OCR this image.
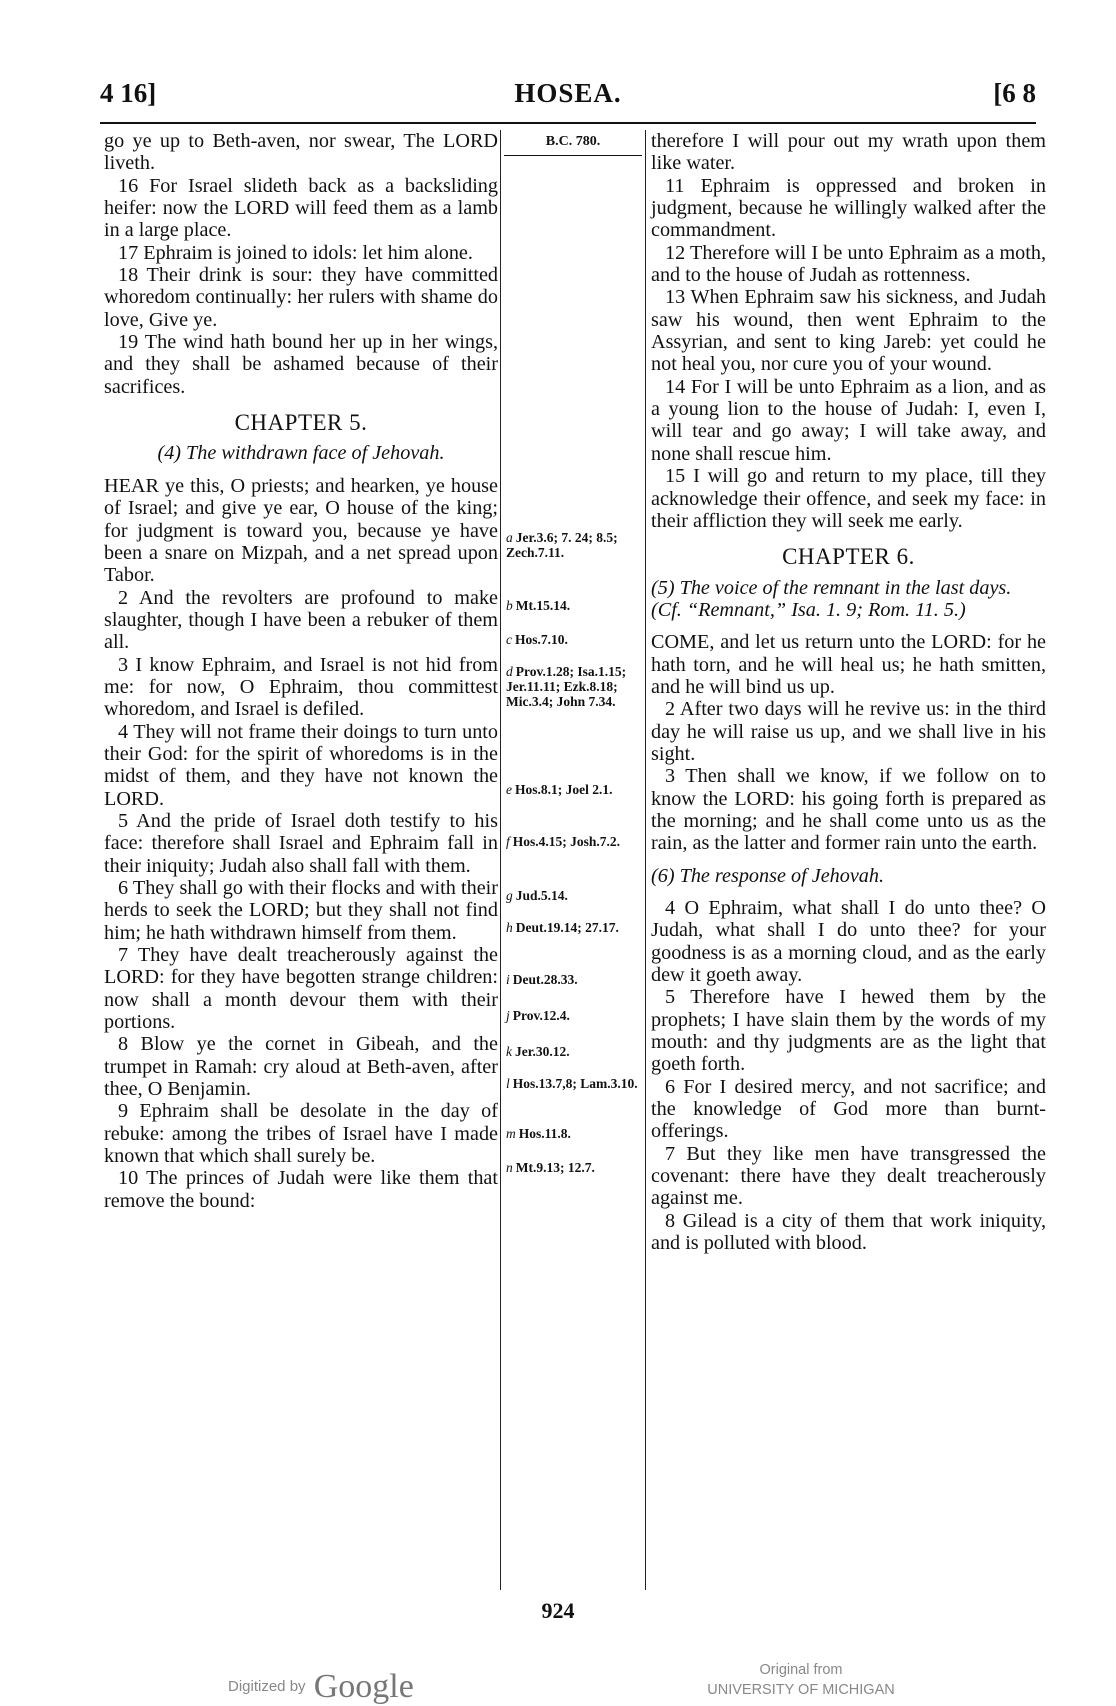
4 16]	HOSEA.	[6 8

go ye up to Beth-aven, nor swear, The LORD liveth.

16 For Israel slideth back as a backsliding heifer: now the LORD will feed them as a lamb in a large place.

17 Ephraim is joined to idols: let him alone.

18 Their drink is sour: they have committed whoredom continually: her rulers with shame do love, Give ye.

19 The wind hath bound her up in her wings, and they shall be ashamed because of their sacrifices.

CHAPTER 5.
(4) The withdrawn face of Jehovah.

HEAR ye this, O priests; and hearken, ye house of Israel; and give ye ear, O house of the king; for judgment is toward you, because ye have been a snare on Mizpah, and a net spread upon Tabor.

2 And the revolters are profound to make slaughter, though I have been a rebuker of them all.

3 I know Ephraim, and Israel is not hid from me: for now, O Ephraim, thou committest whoredom, and Israel is defiled.

4 They will not frame their doings to turn unto their God: for the spirit of whoredoms is in the midst of them, and they have not known the LORD.

5 And the pride of Israel doth testify to his face: therefore shall Israel and Ephraim fall in their iniquity; Judah also shall fall with them.

6 They shall go with their flocks and with their herds to seek the LORD; but they shall not find him; he hath withdrawn himself from them.

7 They have dealt treacherously against the LORD: for they have begotten strange children: now shall a month devour them with their portions.

8 Blow ye the cornet in Gibeah, and the trumpet in Ramah: cry aloud at Beth-aven, after thee, O Benjamin.

9 Ephraim shall be desolate in the day of rebuke: among the tribes of Israel have I made known that which shall surely be.

10 The princes of Judah were like them that remove the bound:

B.C. 780.
a Jer.3.6; 7. 24; 8.5; Zech.7.11.
b Mt.15.14.
c Hos.7.10.
d Prov.1.28; Isa.1.15; Jer.11.11; Ezk.8.18; Mic.3.4; John 7.34.
e Hos.8.1; Joel 2.1.
f Hos.4.15; Josh.7.2.
g Jud.5.14.
h Deut.19.14; 27.17.
i Deut.28.33.
j Prov.12.4.
k Jer.30.12.
l Hos.13.7,8; Lam.3.10.
m Hos.11.8.
n Mt.9.13; 12.7.

therefore I will pour out my wrath upon them like water.

11 Ephraim is oppressed and broken in judgment, because he willingly walked after the commandment.

12 Therefore will I be unto Ephraim as a moth, and to the house of Judah as rottenness.

13 When Ephraim saw his sickness, and Judah saw his wound, then went Ephraim to the Assyrian, and sent to king Jareb: yet could he not heal you, nor cure you of your wound.

14 For I will be unto Ephraim as a lion, and as a young lion to the house of Judah: I, even I, will tear and go away; I will take away, and none shall rescue him.

15 I will go and return to my place, till they acknowledge their offence, and seek my face: in their affliction they will seek me early.

CHAPTER 6.
(5) The voice of the remnant in the last days. (Cf. “Remnant,” Isa. 1. 9; Rom. 11. 5.)

COME, and let us return unto the LORD: for he hath torn, and he will heal us; he hath smitten, and he will bind us up.

2 After two days will he revive us: in the third day he will raise us up, and we shall live in his sight.

3 Then shall we know, if we follow on to know the LORD: his going forth is prepared as the morning; and he shall come unto us as the rain, as the latter and former rain unto the earth.

(6) The response of Jehovah.

4 O Ephraim, what shall I do unto thee? O Judah, what shall I do unto thee? for your goodness is as a morning cloud, and as the early dew it goeth away.

5 Therefore have I hewed them by the prophets; I have slain them by the words of my mouth: and thy judgments are as the light that goeth forth.

6 For I desired mercy, and not sacrifice; and the knowledge of God more than burnt-offerings.

7 But they like men have transgressed the covenant: there have they dealt treacherously against me.

8 Gilead is a city of them that work iniquity, and is polluted with blood.

924
Digitized by Google	Original from
UNIVERSITY OF MICHIGAN
